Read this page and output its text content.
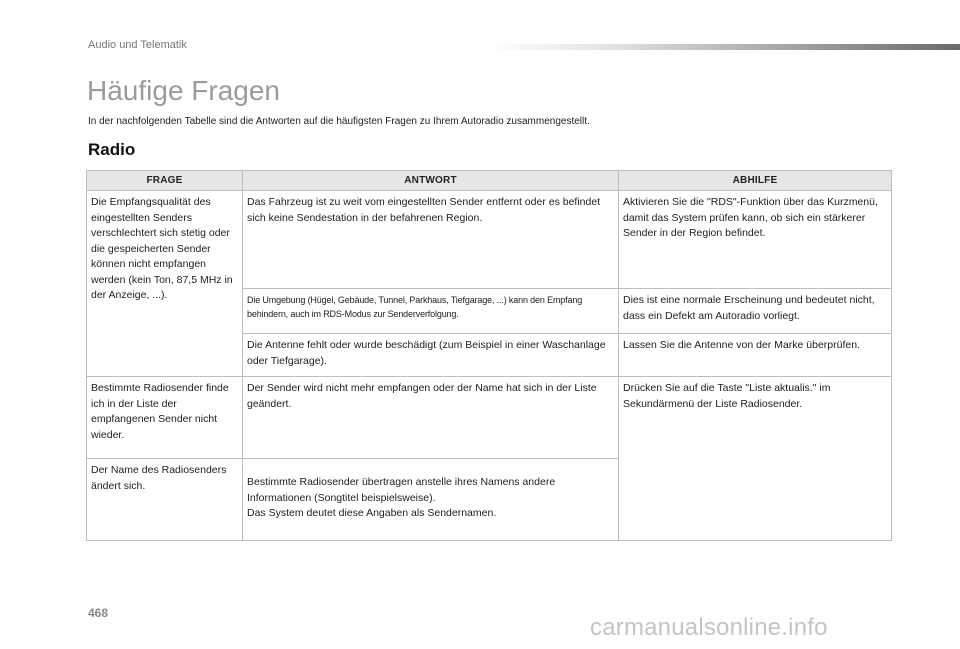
Audio und Telematik
Häufige Fragen

In der nachfolgenden Tabelle sind die Antworten auf die häufigsten Fragen zu Ihrem Autoradio zusammengestellt.

Radio
FRAGE	ANTWORT	ABHILFE
Die Empfangsqualität des eingestellten Senders verschlechtert sich stetig oder die gespeicherten Sender können nicht empfangen werden (kein Ton, 87,5 MHz in der Anzeige, ...).	Das Fahrzeug ist zu weit vom eingestellten Sender entfernt oder es befindet sich keine Sendestation in der befahrenen Region.	Aktivieren Sie die "RDS"-Funktion über das Kurzmenü, damit das System prüfen kann, ob sich ein stärkerer Sender in der Region befindet.
	Die Umgebung (Hügel, Gebäude, Tunnel, Parkhaus, Tiefgarage, ...) kann den Empfang behindern, auch im RDS-Modus zur Senderverfolgung.	Dies ist eine normale Erscheinung und bedeutet nicht, dass ein Defekt am Autoradio vorliegt.
	Die Antenne fehlt oder wurde beschädigt (zum Beispiel in einer Waschanlage oder Tiefgarage).	Lassen Sie die Antenne von der Marke überprüfen.
Bestimmte Radiosender finde ich in der Liste der empfangenen Sender nicht wieder.	Der Sender wird nicht mehr empfangen oder der Name hat sich in der Liste geändert.	Drücken Sie auf die Taste "Liste aktualis." im Sekundärmenü der Liste Radiosender.

Der Name des Radiosenders ändert sich.	Bestimmte Radiosender übertragen anstelle ihres Namens andere Informationen (Songtitel beispielsweise).
Das System deutet diese Angaben als Sendernamen.	

468
carmanualsonline.info
